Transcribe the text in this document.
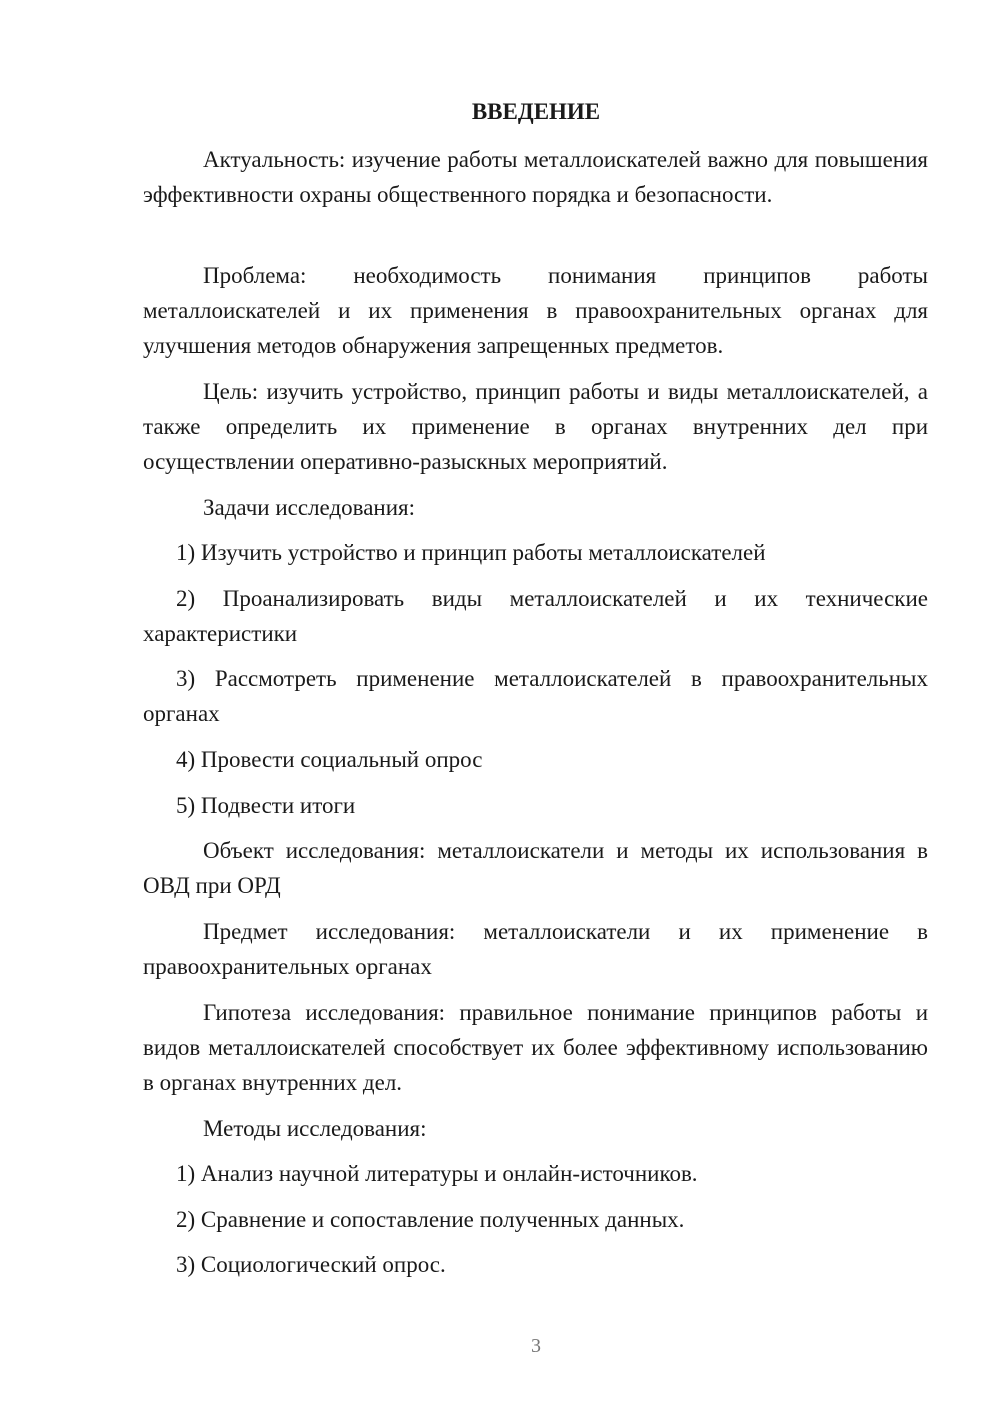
ВВЕДЕНИЕ

Актуальность: изучение работы металлоискателей важно для повышения эффективности охраны общественного порядка и безопасности.

Проблема: необходимость понимания принципов работы металлоискателей и их применения в правоохранительных органах для улучшения методов обнаружения запрещенных предметов.

Цель: изучить устройство, принцип работы и виды металлоискателей, а также определить их применение в органах внутренних дел при осуществлении оперативно-разыскных мероприятий.

Задачи исследования:

1) Изучить устройство и принцип работы металлоискателей

2) Проанализировать виды металлоискателей и их технические характеристики

3) Рассмотреть применение металлоискателей в правоохранительных органах

4) Провести социальный опрос

5) Подвести итоги

Объект исследования: металлоискатели и методы их использования в ОВД при ОРД

Предмет исследования: металлоискатели и их применение в правоохранительных органах

Гипотеза исследования: правильное понимание принципов работы и видов металлоискателей способствует их более эффективному использованию в органах внутренних дел.

Методы исследования:

1) Анализ научной литературы и онлайн-источников.

2) Сравнение и сопоставление полученных данных.

3) Социологический опрос.

3
